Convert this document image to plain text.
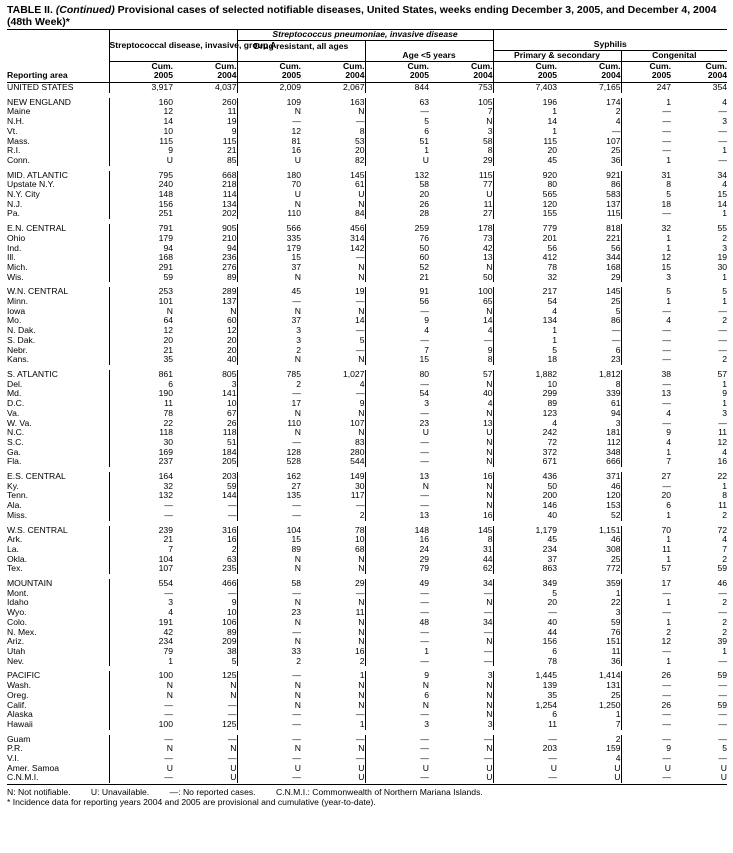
TABLE II. (Continued) Provisional cases of selected notifiable diseases, United States, weeks ending December 3, 2005, and December 4, 2004
(48th Week)*
			Streptococcus pneumoniae, invasive disease							
	Streptococcal disease, invasive, group A		Drug resistant, all ages				Syphilis			
					Age <5 years		Primary & secondary		Congenital	
	Cum.	Cum.	Cum.	Cum.	Cum.	Cum.	Cum.	Cum.	Cum.	Cum.
Reporting area	2005	2004	2005	2004	2005	2004	2005	2004	2005	2004
UNITED STATES	3,917	4,037	2,009	2,067	844	753	7,403	7,165	247	354

NEW ENGLAND	160	260	109	163	63	105	196	174	1	4
Maine	12	11	N	N	—	7	1	2	—	—
N.H.	14	19	—	—	5	N	14	4	—	3
Vt.	10	9	12	8	6	3	1	—	—	—
Mass.	115	115	81	53	51	58	115	107	—	—
R.I.	9	21	16	20	1	8	20	25	—	1
Conn.	U	85	U	82	U	29	45	36	1	—

MID. ATLANTIC	795	668	180	145	132	115	920	921	31	34
Upstate N.Y.	240	218	70	61	58	77	80	86	8	4
N.Y. City	148	114	U	U	20	U	565	583	5	15
N.J.	156	134	N	N	26	11	120	137	18	14
Pa.	251	202	110	84	28	27	155	115	—	1

E.N. CENTRAL	791	905	566	456	259	178	779	818	32	55
Ohio	179	210	335	314	76	73	201	221	1	2
Ind.	94	94	179	142	50	42	56	56	1	3
Ill.	168	236	15	—	60	13	412	344	12	19
Mich.	291	276	37	N	52	N	78	168	15	30
Wis.	59	89	N	N	21	50	32	29	3	1

W.N. CENTRAL	253	289	45	19	91	100	217	145	5	5
Minn.	101	137	—	—	56	65	54	25	1	1
Iowa	N	N	N	N	—	N	4	5	—	—
Mo.	64	60	37	14	9	14	134	86	4	2
N. Dak.	12	12	3	—	4	4	1	—	—	—
S. Dak.	20	20	3	5	—	—	1	—	—	—
Nebr.	21	20	2	—	7	9	5	6	—	—
Kans.	35	40	N	N	15	8	18	23	—	2

S. ATLANTIC	861	805	785	1,027	80	57	1,882	1,812	38	57
Del.	6	3	2	4	—	N	10	8	—	1
Md.	190	141	—	—	54	40	299	339	13	9
D.C.	11	10	17	9	3	4	89	61	—	1
Va.	78	67	N	N	—	N	123	94	4	3
W. Va.	22	26	110	107	23	13	4	3	—	—
N.C.	118	118	N	N	U	U	242	181	9	11
S.C.	30	51	—	83	—	N	72	112	4	12
Ga.	169	184	128	280	—	N	372	348	1	4
Fla.	237	205	528	544	—	N	671	666	7	16

E.S. CENTRAL	164	203	162	149	13	16	436	371	27	22
Ky.	32	59	27	30	N	N	50	46	—	1
Tenn.	132	144	135	117	—	N	200	120	20	8
Ala.	—	—	—	—	—	N	146	153	6	11
Miss.	—	—	—	2	13	16	40	52	1	2

W.S. CENTRAL	239	316	104	78	148	145	1,179	1,151	70	72
Ark.	21	16	15	10	16	8	45	46	1	4
La.	7	2	89	68	24	31	234	308	11	7
Okla.	104	63	N	N	29	44	37	25	1	2
Tex.	107	235	N	N	79	62	863	772	57	59

MOUNTAIN	554	466	58	29	49	34	349	359	17	46
Mont.	—	—	—	—	—	—	5	1	—	—
Idaho	3	9	N	N	—	N	20	22	1	2
Wyo.	4	10	23	11	—	—	—	3	—	—
Colo.	191	106	N	N	48	34	40	59	1	2
N. Mex.	42	89	—	N	—	—	44	76	2	2
Ariz.	234	209	N	N	—	N	156	151	12	39
Utah	79	38	33	16	1	—	6	11	—	1
Nev.	1	5	2	2	—	—	78	36	1	—

PACIFIC	100	125	—	1	9	3	1,445	1,414	26	59
Wash.	N	N	N	N	N	N	139	131	—	—
Oreg.	N	N	N	N	6	N	35	25	—	—
Calif.	—	—	N	N	N	N	1,254	1,250	26	59
Alaska	—	—	—	—	—	N	6	1	—	—
Hawaii	100	125	—	1	3	3	11	7	—	—

Guam	—	—	—	—	—	—	—	2	—	—
P.R.	N	N	N	N	—	N	203	159	9	5
V.I.	—	—	—	—	—	—	—	4	—	—
Amer. Samoa	U	U	U	U	U	U	U	U	U	U
C.N.M.I.	—	U	—	U	—	U	—	U	—	U
N: Not notifiable. U: Unavailable. —: No reported cases. C.N.M.I.: Commonwealth of Northern Mariana Islands.
* Incidence data for reporting years 2004 and 2005 are provisional and cumulative (year-to-date).
